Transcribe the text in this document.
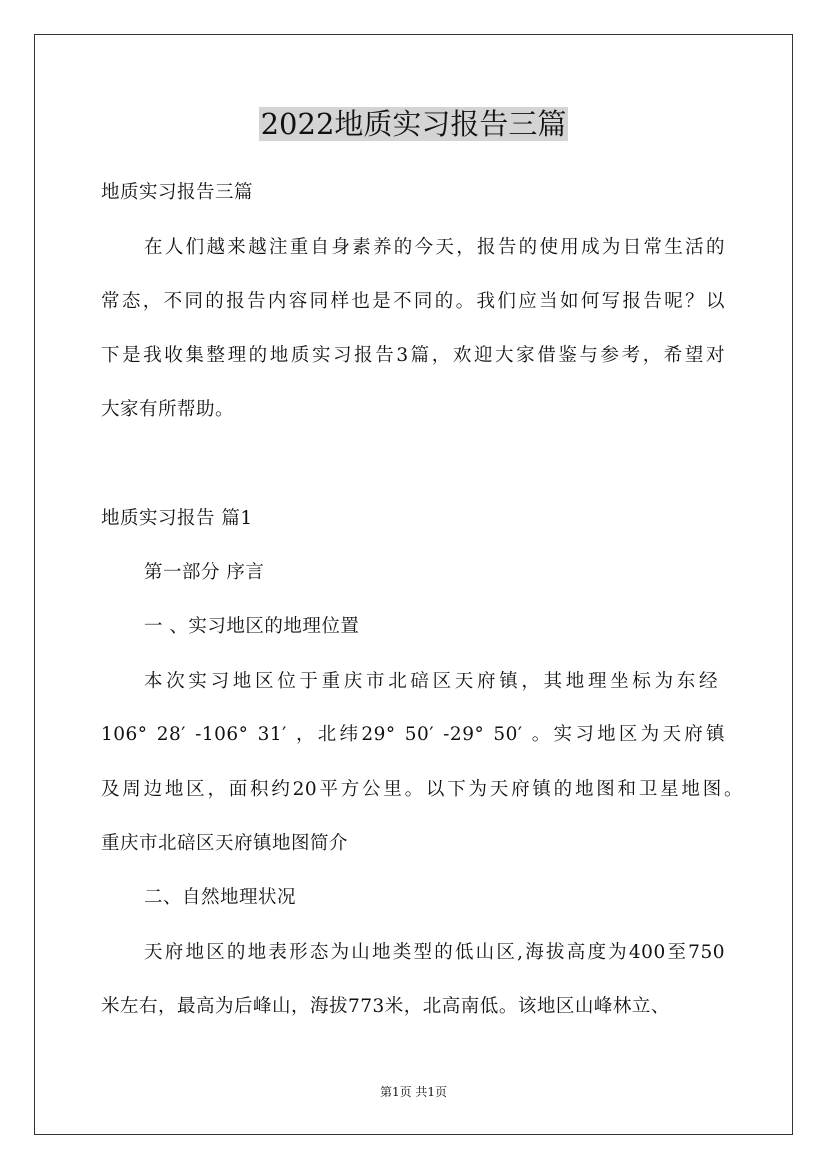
2022地质实习报告三篇
地质实习报告三篇
在人们越来越注重自身素养的今天，报告的使用成为日常生活的
常态，不同的报告内容同样也是不同的。我们应当如何写报告呢？以
下是我收集整理的地质实习报告3篇，欢迎大家借鉴与参考，希望对
大家有所帮助。
地质实习报告 篇1
第一部分 序言
一 、实习地区的地理位置
本次实习地区位于重庆市北碚区天府镇，其地理坐标为东经
106° 28′ -106° 31′ ，北纬29° 50′ -29° 50′ 。实习地区为天府镇
及周边地区，面积约20平方公里。以下为天府镇的地图和卫星地图。
重庆市北碚区天府镇地图简介
二、自然地理状况
天府地区的地表形态为山地类型的低山区,海拔高度为400至750
米左右，最高为后峰山，海拔773米，北高南低。该地区山峰林立、
第1页 共1页
